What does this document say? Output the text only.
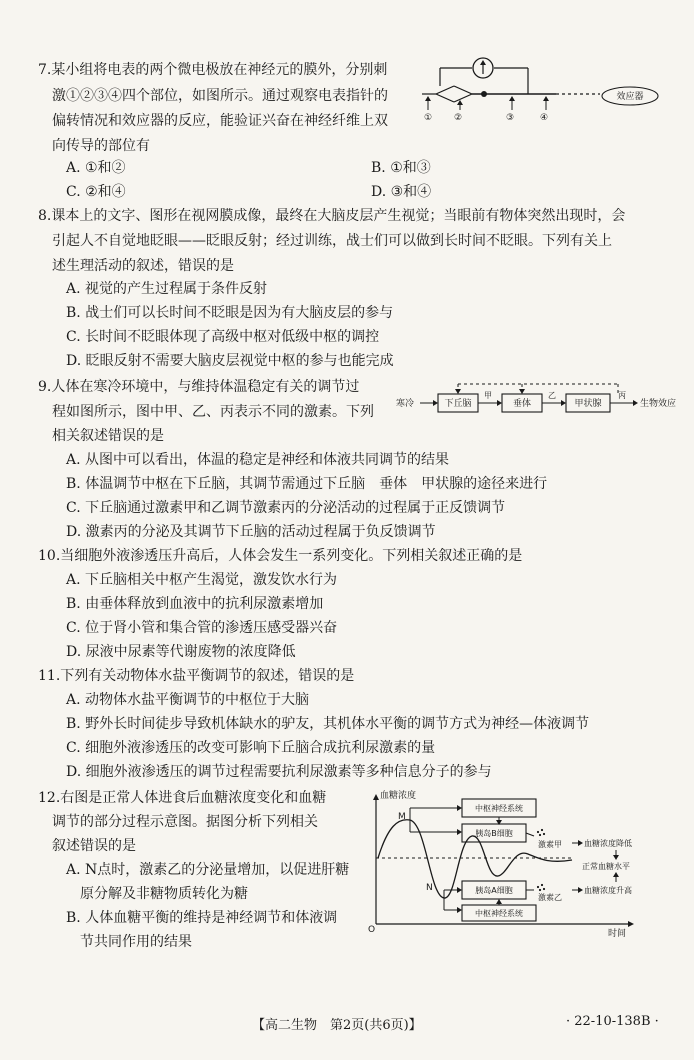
7.某小组将电表的两个微电极放在神经元的膜外，分别刺
激①②③④四个部位，如图所示。通过观察电表指针的
偏转情况和效应器的反应，能验证兴奋在神经纤维上双
向传导的部位有
A. ①和②	B. ①和③
C. ②和④	D. ③和④
效应器
① ②	③	④
8.课本上的文字、图形在视网膜成像，最终在大脑皮层产生视觉；当眼前有物体突然出现时，会
引起人不自觉地眨眼——眨眼反射；经过训练，战士们可以做到长时间不眨眼。下列有关上
述生理活动的叙述，错误的是
A. 视觉的产生过程属于条件反射
B. 战士们可以长时间不眨眼是因为有大脑皮层的参与
C. 长时间不眨眼体现了高级中枢对低级中枢的调控
D. 眨眼反射不需要大脑皮层视觉中枢的参与也能完成
9.人体在寒冷环境中，与维持体温稳定有关的调节过
程如图所示，图中甲、乙、丙表示不同的激素。下列
相关叙述错误的是
A. 从图中可以看出，体温的稳定是神经和体液共同调节的结果
B. 体温调节中枢在下丘脑，其调节需通过下丘脑　垂体　甲状腺的途径来进行
C. 下丘脑通过激素甲和乙调节激素丙的分泌活动的过程属于正反馈调节
D. 激素丙的分泌及其调节下丘脑的活动过程属于负反馈调节
寒冷	下丘脑
甲
垂体
乙
甲状腺
丙
生物效应
10.当细胞外液渗透压升高后，人体会发生一系列变化。下列相关叙述正确的是
A. 下丘脑相关中枢产生渴觉，激发饮水行为
B. 由垂体释放到血液中的抗利尿激素增加
C. 位于肾小管和集合管的渗透压感受器兴奋
D. 尿液中尿素等代谢废物的浓度降低
11.下列有关动物体水盐平衡调节的叙述，错误的是
A. 动物体水盐平衡调节的中枢位于大脑
B. 野外长时间徒步导致机体缺水的驴友，其机体水平衡的调节方式为神经—体液调节
C. 细胞外液渗透压的改变可影响下丘脑合成抗利尿激素的量
D. 细胞外液渗透压的调节过程需要抗利尿激素等多种信息分子的参与
12.右图是正常人体进食后血糖浓度变化和血糖
调节的部分过程示意图。据图分析下列相关
叙述错误的是
A. N点时，激素乙的分泌量增加，以促进肝糖
原分解及非糖物质转化为糖
B. 人体血糖平衡的维持是神经调节和体液调
节共同作用的结果
血糖浓度
时间
O
M
N
中枢神经系统
胰岛B细胞
激素甲	血糖浓度降低
正常血糖水平
胰岛A细胞
中枢神经系统
激素乙
血糖浓度升高
【高二生物　第2页(共6页)】	· 22-10-138B ·
